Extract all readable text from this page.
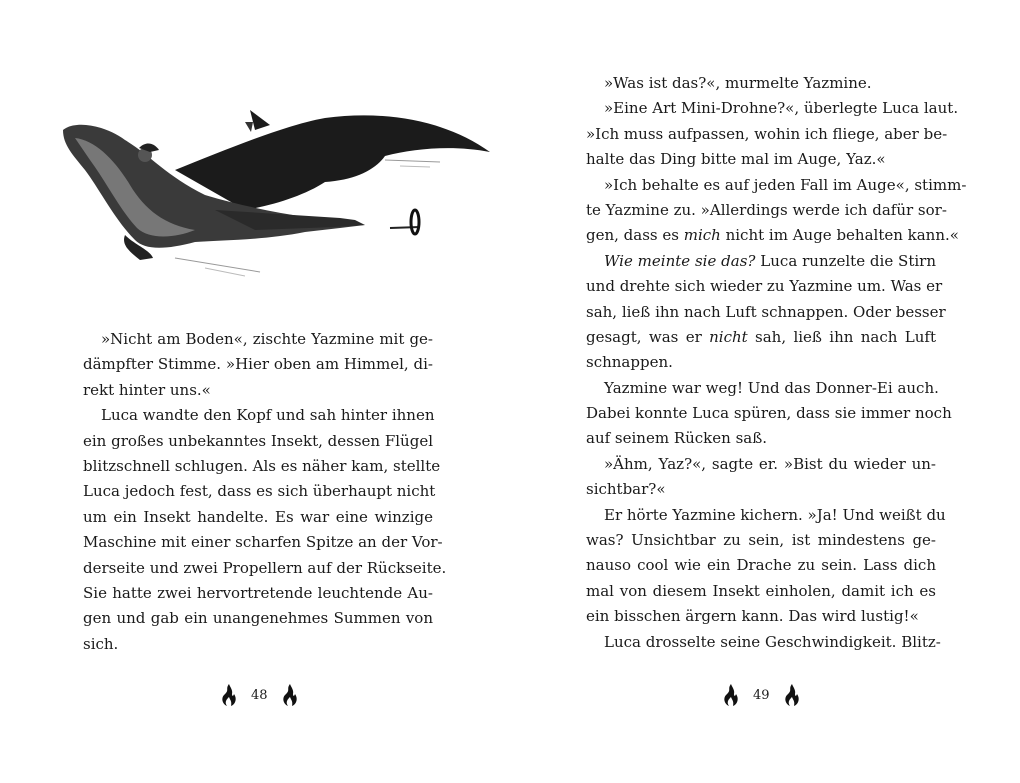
»Nicht am Boden«, zischte Yazmine mit ge-
dämpfter Stimme. »Hier oben am Himmel, di-
rekt hinter uns.«
Luca wandte den Kopf und sah hinter ihnen
ein großes unbekanntes Insekt, dessen Flügel
blitzschnell schlugen. Als es näher kam, stellte
Luca jedoch fest, dass es sich überhaupt nicht
um ein Insekt handelte. Es war eine winzige
Maschine mit einer scharfen Spitze an der Vor-
derseite und zwei Propellern auf der Rückseite.
Sie hatte zwei hervortretende leuchtende Au-
gen und gab ein unangenehmes Summen von
sich.
48
»Was ist das?«, murmelte Yazmine.
»Eine Art Mini-Drohne?«, überlegte Luca laut.
»Ich muss aufpassen, wohin ich fliege, aber be-
halte das Ding bitte mal im Auge, Yaz.«
»Ich behalte es auf jeden Fall im Auge«, stimm-
te Yazmine zu. »Allerdings werde ich dafür sor-
gen, dass es mich nicht im Auge behalten kann.«
Wie meinte sie das? Luca runzelte die Stirn
und drehte sich wieder zu Yazmine um. Was er
sah, ließ ihn nach Luft schnappen. Oder besser
gesagt, was er nicht sah, ließ ihn nach Luft
schnappen.
Yazmine war weg! Und das Donner-Ei auch.
Dabei konnte Luca spüren, dass sie immer noch
auf seinem Rücken saß.
»Ähm, Yaz?«, sagte er. »Bist du wieder un-
sichtbar?«
Er hörte Yazmine kichern. »Ja! Und weißt du
was? Unsichtbar zu sein, ist mindestens ge-
nauso cool wie ein Drache zu sein. Lass dich
mal von diesem Insekt einholen, damit ich es
ein bisschen ärgern kann. Das wird lustig!«
Luca drosselte seine Geschwindigkeit. Blitz-
49
